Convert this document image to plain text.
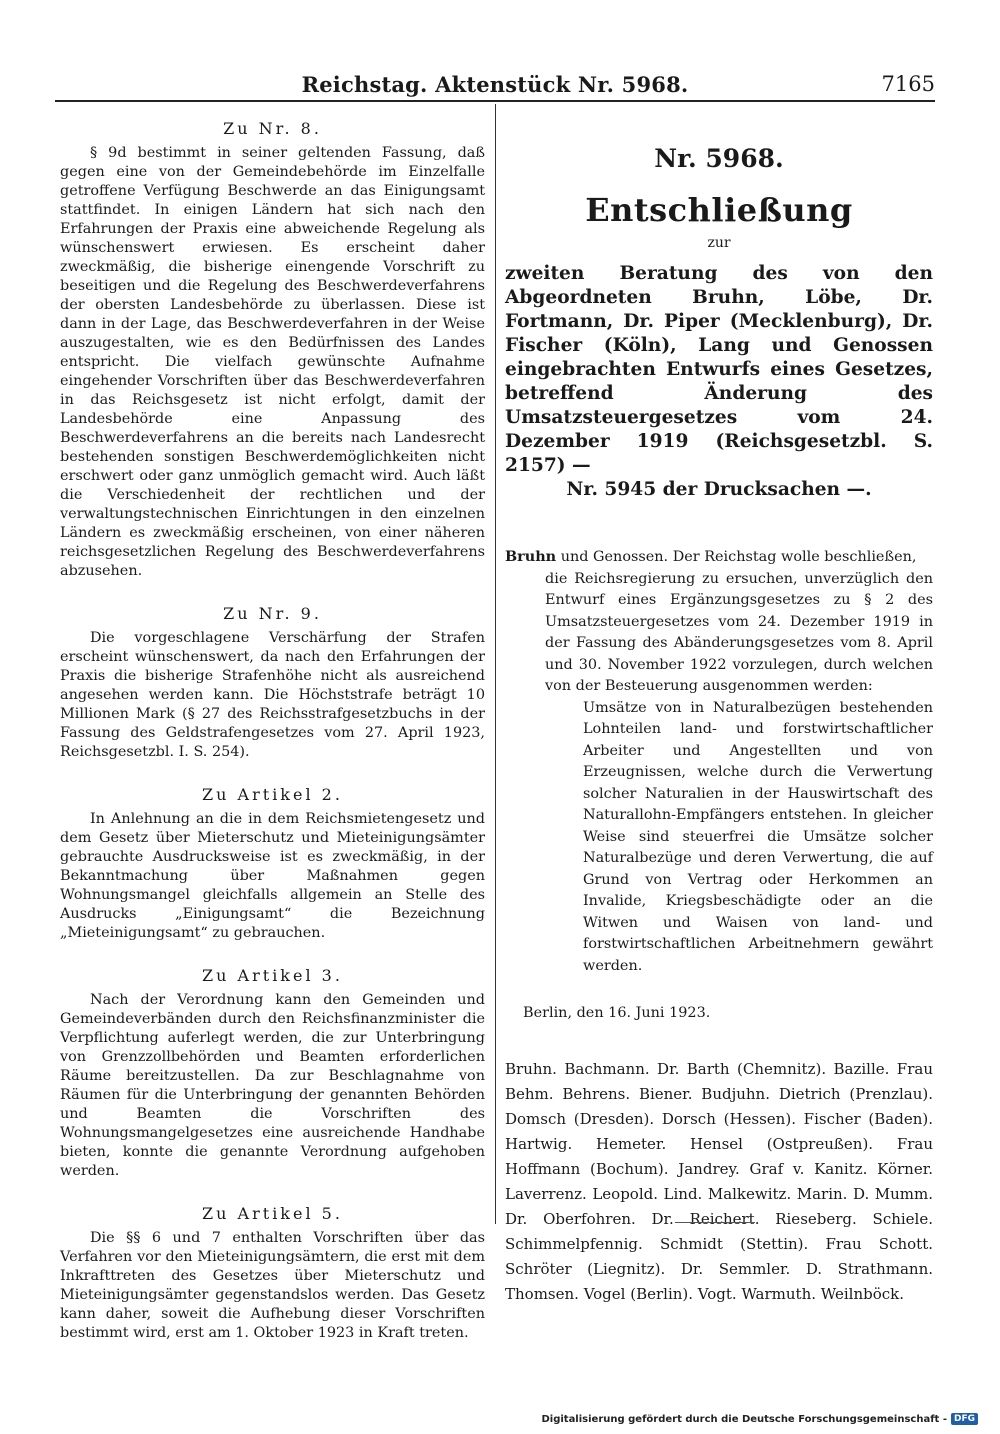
Reichstag. Aktenstück Nr. 5968.	7165
Zu Nr. 8.

§ 9d bestimmt in seiner geltenden Fassung, daß gegen eine von der Gemeindebehörde im Einzelfalle getroffene Verfügung Beschwerde an das Einigungsamt stattfindet. In einigen Ländern hat sich nach den Erfahrungen der Praxis eine abweichende Regelung als wünschenswert erwiesen. Es erscheint daher zweckmäßig, die bisherige einengende Vorschrift zu beseitigen und die Regelung des Beschwerdeverfahrens der obersten Landesbehörde zu überlassen. Diese ist dann in der Lage, das Beschwerdeverfahren in der Weise auszugestalten, wie es den Bedürfnissen des Landes entspricht. Die vielfach gewünschte Aufnahme eingehender Vorschriften über das Beschwerdeverfahren in das Reichsgesetz ist nicht erfolgt, damit der Landesbehörde eine Anpassung des Beschwerdeverfahrens an die bereits nach Landesrecht bestehenden sonstigen Beschwerdemöglichkeiten nicht erschwert oder ganz unmöglich gemacht wird. Auch läßt die Verschiedenheit der rechtlichen und der verwaltungstechnischen Einrichtungen in den einzelnen Ländern es zweckmäßig erscheinen, von einer näheren reichsgesetzlichen Regelung des Beschwerdeverfahrens abzusehen.

Zu Nr. 9.

Die vorgeschlagene Verschärfung der Strafen erscheint wünschenswert, da nach den Erfahrungen der Praxis die bisherige Strafenhöhe nicht als ausreichend angesehen werden kann. Die Höchststrafe beträgt 10 Millionen Mark (§ 27 des Reichsstrafgesetzbuchs in der Fassung des Geldstrafengesetzes vom 27. April 1923, Reichsgesetzbl. I. S. 254).

Zu Artikel 2.

In Anlehnung an die in dem Reichsmietengesetz und dem Gesetz über Mieterschutz und Mieteinigungsämter gebrauchte Ausdrucksweise ist es zweckmäßig, in der Bekanntmachung über Maßnahmen gegen Wohnungsmangel gleichfalls allgemein an Stelle des Ausdrucks „Einigungsamt“ die Bezeichnung „Mieteinigungsamt“ zu gebrauchen.

Zu Artikel 3.

Nach der Verordnung kann den Gemeinden und Gemeindeverbänden durch den Reichsfinanzminister die Verpflichtung auferlegt werden, die zur Unterbringung von Grenzzollbehörden und Beamten erforderlichen Räume bereitzustellen. Da zur Beschlagnahme von Räumen für die Unterbringung der genannten Behörden und Beamten die Vorschriften des Wohnungsmangelgesetzes eine ausreichende Handhabe bieten, konnte die genannte Verordnung aufgehoben werden.

Zu Artikel 5.

Die §§ 6 und 7 enthalten Vorschriften über das Verfahren vor den Mieteinigungsämtern, die erst mit dem Inkrafttreten des Gesetzes über Mieterschutz und Mieteinigungsämter gegenstandslos werden. Das Gesetz kann daher, soweit die Aufhebung dieser Vorschriften bestimmt wird, erst am 1. Oktober 1923 in Kraft treten.

Nr. 5968.
Entschließung
zur

zweiten Beratung des von den Abgeordneten Bruhn, Löbe, Dr. Fortmann, Dr. Piper (Mecklenburg), Dr. Fischer (Köln), Lang und Genossen eingebrachten Entwurfs eines Gesetzes, betreffend Änderung des Umsatzsteuergesetzes vom 24. Dezember 1919 (Reichsgesetzbl. S. 2157) —
Nr. 5945 der Drucksachen —.

Bruhn und Genossen. Der Reichstag wolle beschließen,

die Reichsregierung zu ersuchen, unverzüglich den Entwurf eines Ergänzungsgesetzes zu § 2 des Umsatzsteuergesetzes vom 24. Dezember 1919 in der Fassung des Abänderungsgesetzes vom 8. April und 30. November 1922 vorzulegen, durch welchen von der Besteuerung ausgenommen werden:

Umsätze von in Naturalbezügen bestehenden Lohnteilen land- und forstwirtschaftlicher Arbeiter und Angestellten und von Erzeugnissen, welche durch die Verwertung solcher Naturalien in der Hauswirtschaft des Naturallohn-Empfängers entstehen. In gleicher Weise sind steuerfrei die Umsätze solcher Naturalbezüge und deren Verwertung, die auf Grund von Vertrag oder Herkommen an Invalide, Kriegsbeschädigte oder an die Witwen und Waisen von land- und forstwirtschaftlichen Arbeitnehmern gewährt werden.

Berlin, den 16. Juni 1923.
Bruhn. Bachmann. Dr. Barth (Chemnitz). Bazille. Frau Behm. Behrens. Biener. Budjuhn. Dietrich (Prenzlau). Domsch (Dresden). Dorsch (Hessen). Fischer (Baden). Hartwig. Hemeter. Hensel (Ostpreußen). Frau Hoffmann (Bochum). Jandrey. Graf v. Kanitz. Körner. Laverrenz. Leopold. Lind. Malkewitz. Marin. D. Mumm. Dr. Oberfohren. Dr. Reichert. Rieseberg. Schiele. Schimmelpfennig. Schmidt (Stettin). Frau Schott. Schröter (Liegnitz). Dr. Semmler. D. Strathmann. Thomsen. Vogel (Berlin). Vogt. Warmuth. Weilnböck.
Digitalisierung gefördert durch die Deutsche Forschungsgemeinschaft - DFG
